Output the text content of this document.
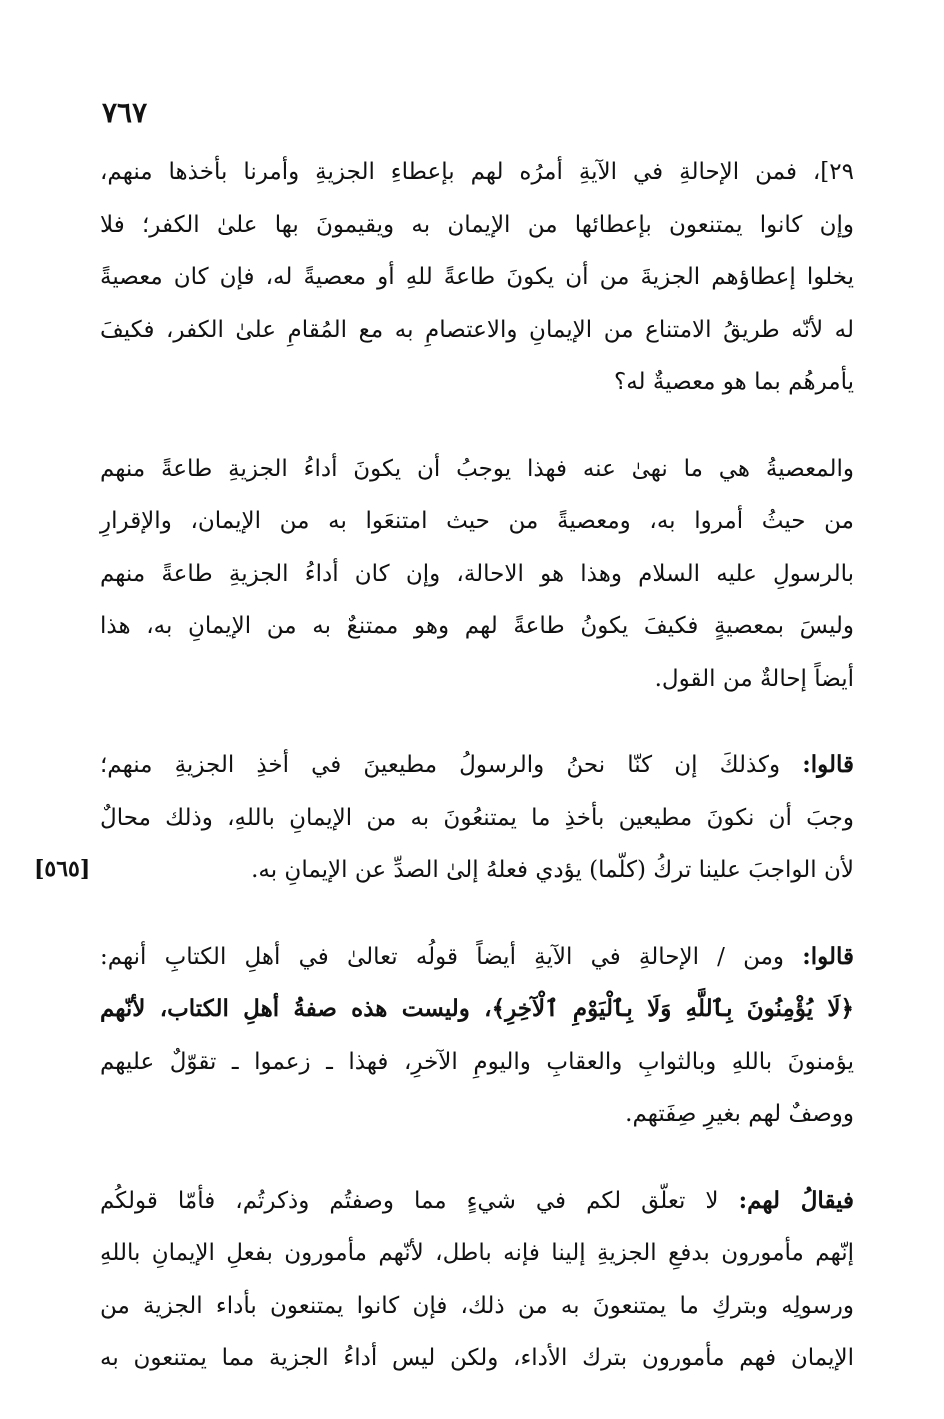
٧٦٧
[٥٦٥]

٢٩]، فمن الإحالةِ في الآيةِ أمرُه لهم بإعطاءِ الجزيةِ وأمرنا بأخذها منهم،
وإن كانوا يمتنعون بإعطائها من الإيمان به ويقيمونَ بها علىٰ الكفر؛ فلا
يخلوا إعطاؤهم الجزيةَ من أن يكونَ طاعةً للهِ أو معصيةً له، فإن كان معصيةً
له لأنّه طريقُ الامتناع من الإيمانِ والاعتصامِ به مع المُقامِ علىٰ الكفر، فكيفَ
يأمرهُم بما هو معصيةٌ له؟

والمعصيةُ هي ما نهىٰ عنه فهذا يوجبُ أن يكونَ أداءُ الجزيةِ طاعةً منهم
من حيثُ أمروا به، ومعصيةً من حيث امتنعَوا به من الإيمان، والإقرارِ
بالرسولِ عليه السلام وهذا هو الاحالة، وإن كان أداءُ الجزيةِ طاعةً منهم
وليسَ بمعصيةٍ فكيفَ يكونُ طاعةً لهم وهو ممتنعٌ به من الإيمانِ به، هذا
أيضاً إحالةٌ من القول.

قالوا: وكذلكَ إن كنّا نحنُ والرسولُ مطيعينَ في أخذِ الجزيةِ منهم؛
وجبَ أن نكونَ مطيعين بأخذِ ما يمتنعُونَ به من الإيمانِ باللهِ، وذلك محالٌ
لأن الواجبَ علينا تركُ (كلّما) يؤدي فعلهُ إلىٰ الصدِّ عن الإيمانِ به.

قالوا: ومن / الإحالةِ في الآيةِ أيضاً قولُه تعالىٰ في أهلِ الكتابِ أنهم:
﴿لَا يُؤْمِنُونَ بِٱللَّهِ وَلَا بِٱلْيَوْمِ ٱلْآخِرِ﴾، وليست هذه صفةُ أهلِ الكتاب، لأنّهم
يؤمنونَ باللهِ وبالثوابِ والعقابِ واليومِ الآخرِ، فهذا ـ زعموا ـ تقوّلٌ عليهم
ووصفٌ لهم بغيرِ صِفَتهم.

فيقالُ لهم: لا تعلّق لكم في شيءٍ مما وصفتُم وذكرتُم، فأمّا قولكُم
إنّهم مأمورون بدفعِ الجزيةِ إلينا فإنه باطل، لأنّهم مأمورون بفعلِ الإيمانِ باللهِ
ورسولِه وبتركِ ما يمتنعونَ به من ذلك، فإن كانوا يمتنعون بأداء الجزية من
الإيمان فهم مأمورون بترك الأداء، ولكن ليس أداءُ الجزية مما يمتنعون به
